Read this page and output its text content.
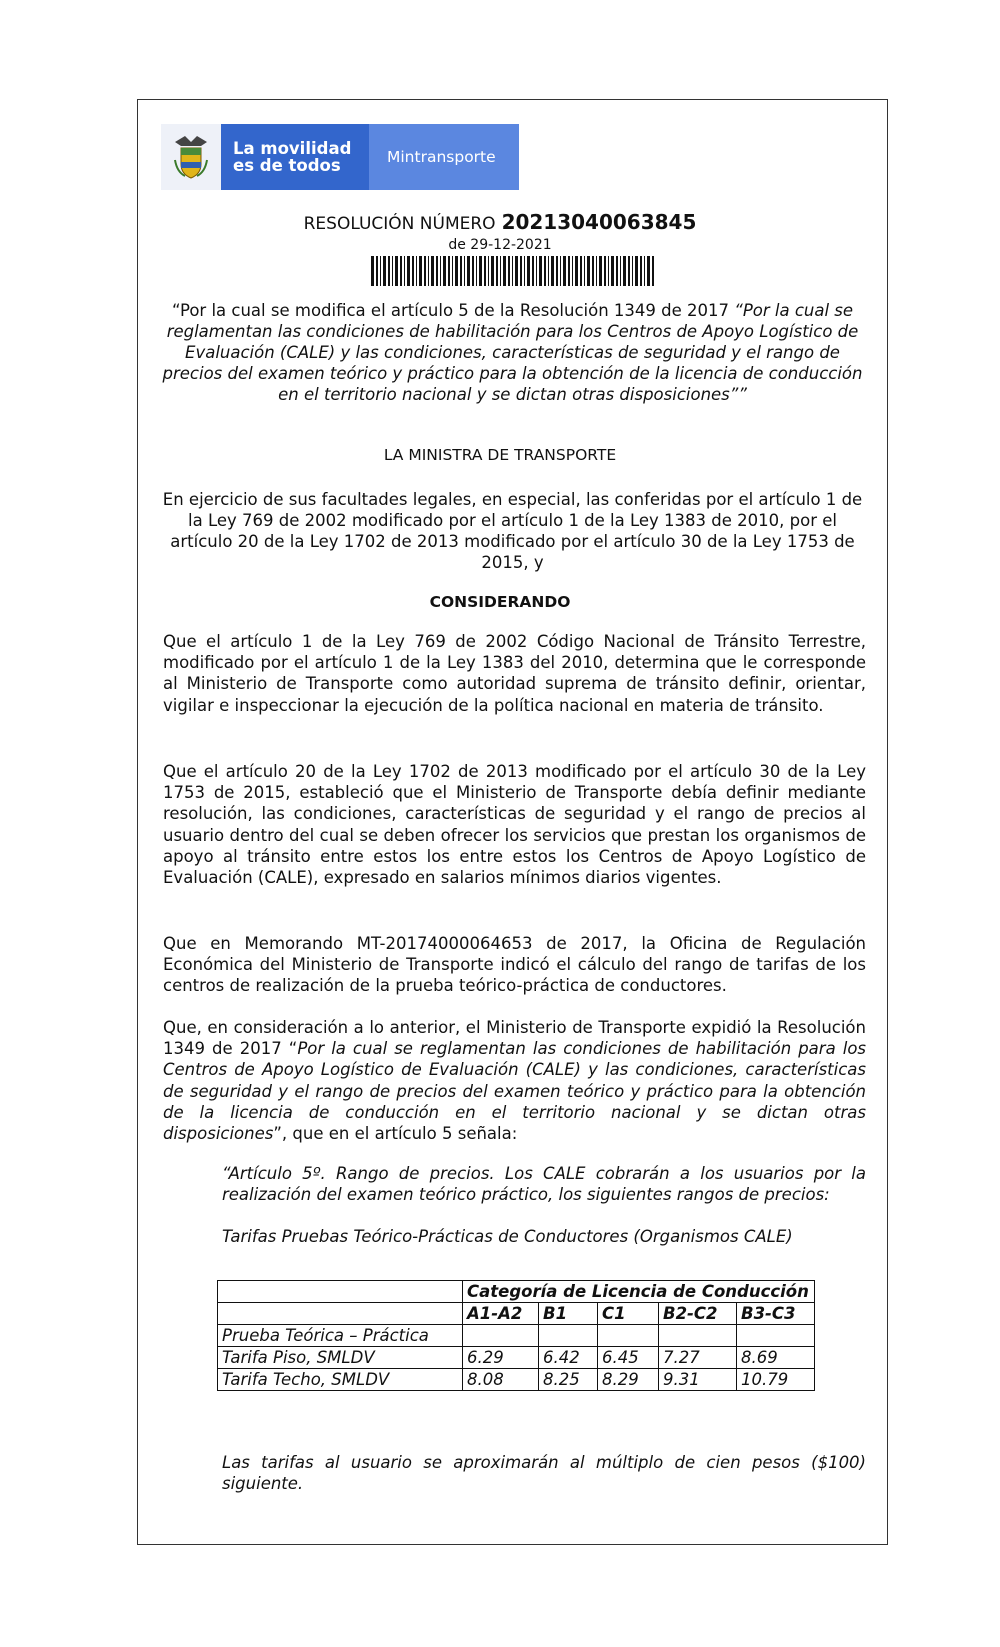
La movilidad
es de todos	Mintransporte
RESOLUCIÓN NÚMERO 20213040063845
de 29-12-2021
“Por la cual se modifica el artículo 5 de la Resolución 1349 de 2017 “Por la cual se reglamentan las condiciones de habilitación para los Centros de Apoyo Logístico de Evaluación (CALE) y las condiciones, características de seguridad y el rango de precios del examen teórico y práctico para la obtención de la licencia de conducción en el territorio nacional y se dictan otras disposiciones””
LA MINISTRA DE TRANSPORTE
En ejercicio de sus facultades legales, en especial, las conferidas por el artículo 1 de la Ley 769 de 2002 modificado por el artículo 1 de la Ley 1383 de 2010, por el artículo 20 de la Ley 1702 de 2013 modificado por el artículo 30 de la Ley 1753 de 2015, y
CONSIDERANDO
Que el artículo 1 de la Ley 769 de 2002 Código Nacional de Tránsito Terrestre, modificado por el artículo 1 de la Ley 1383 del 2010, determina que le corresponde al Ministerio de Transporte como autoridad suprema de tránsito definir, orientar, vigilar e inspeccionar la ejecución de la política nacional en materia de tránsito.
Que el artículo 20 de la Ley 1702 de 2013 modificado por el artículo 30 de la Ley 1753 de 2015, estableció que el Ministerio de Transporte debía definir mediante resolución, las condiciones, características de seguridad y el rango de precios al usuario dentro del cual se deben ofrecer los servicios que prestan los organismos de apoyo al tránsito entre estos los entre estos los Centros de Apoyo Logístico de Evaluación (CALE), expresado en salarios mínimos diarios vigentes.
Que en Memorando MT-20174000064653 de 2017, la Oficina de Regulación Económica del Ministerio de Transporte indicó el cálculo del rango de tarifas de los centros de realización de la prueba teórico-práctica de conductores.
Que, en consideración a lo anterior, el Ministerio de Transporte expidió la Resolución 1349 de 2017 “Por la cual se reglamentan las condiciones de habilitación para los Centros de Apoyo Logístico de Evaluación (CALE) y las condiciones, características de seguridad y el rango de precios del examen teórico y práctico para la obtención de la licencia de conducción en el territorio nacional y se dictan otras disposiciones”, que en el artículo 5 señala:
“Artículo 5º. Rango de precios. Los CALE cobrarán a los usuarios por la realización del examen teórico práctico, los siguientes rangos de precios:
Tarifas Pruebas Teórico-Prácticas de Conductores (Organismos CALE)
	Categoría de Licencia de Conducción				
	A1-A2	B1	C1	B2-C2	B3-C3
Prueba Teórica – Práctica					
Tarifa Piso, SMLDV	6.29	6.42	6.45	7.27	8.69
Tarifa Techo, SMLDV	8.08	8.25	8.29	9.31	10.79
Las tarifas al usuario se aproximarán al múltiplo de cien pesos ($100) siguiente.
